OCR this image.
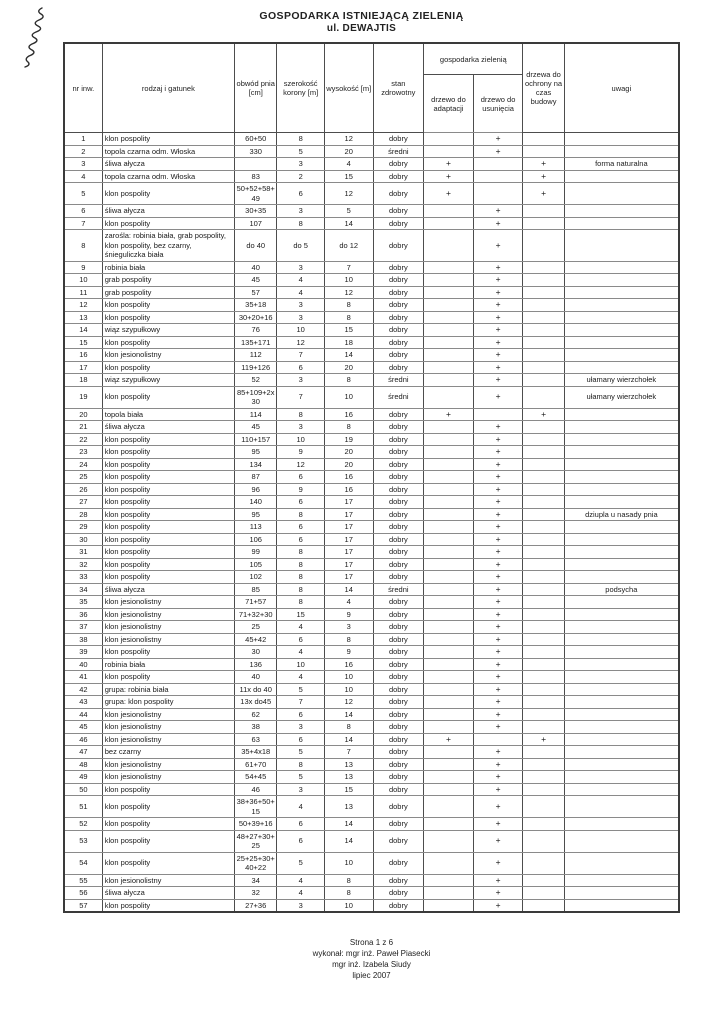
GOSPODARKA ISTNIEJĄCĄ ZIELENIĄ
ul. DEWAJTIS
nr inw.	rodzaj i gatunek	obwód pnia [cm]	szerokość korony [m]	wysokość [m]	stan zdrowotny	gospodarka zielenią		drzewa do ochrony na czas budowy	uwagi
						drzewo do adaptacji	drzewo do usunięcia		
1	klon pospolity	60+50	8	12	dobry		+		
2	topola czarna odm. Włoska	330	5	20	średni		+		
3	śliwa ałycza		3	4	dobry	+		+	forma naturalna
4	topola czarna odm. Włoska	83	2	15	dobry	+		+	
5	klon pospolity	50+52+58+49	6	12	dobry	+		+	
6	śliwa ałycza	30+35	3	5	dobry		+		
7	klon pospolity	107	8	14	dobry		+		
8	zarośla: robinia biała, grab pospolity, klon pospolity, bez czarny, śnieguliczka biała	do 40	do 5	do 12	dobry		+		
9	robinia biała	40	3	7	dobry		+		
10	grab pospolity	45	4	10	dobry		+		
11	grab pospolity	57	4	12	dobry		+		
12	klon pospolity	35+18	3	8	dobry		+		
13	klon pospolity	30+20+16	3	8	dobry		+		
14	wiąz szypułkowy	76	10	15	dobry		+		
15	klon pospolity	135+171	12	18	dobry		+		
16	klon jesionolistny	112	7	14	dobry		+		
17	klon pospolity	119+126	6	20	dobry		+		
18	wiąz szypułkowy	52	3	8	średni		+		ułamany wierzchołek
19	klon pospolity	85+109+2x 30	7	10	średni		+		ułamany wierzchołek
20	topola biała	114	8	16	dobry	+		+	
21	śliwa ałycza	45	3	8	dobry		+		
22	klon pospolity	110+157	10	19	dobry		+		
23	klon pospolity	95	9	20	dobry		+		
24	klon pospolity	134	12	20	dobry		+		
25	klon pospolity	87	6	16	dobry		+		
26	klon pospolity	96	9	16	dobry		+		
27	klon pospolity	140	6	17	dobry		+		
28	klon pospolity	95	8	17	dobry		+		dziupla u nasady pnia
29	klon pospolity	113	6	17	dobry		+		
30	klon pospolity	106	6	17	dobry		+		
31	klon pospolity	99	8	17	dobry		+		
32	klon pospolity	105	8	17	dobry		+		
33	klon pospolity	102	8	17	dobry		+		
34	śliwa ałycza	85	8	14	średni		+		podsycha
35	klon jesionolistny	71+57	8	4	dobry		+		
36	klon jesionolistny	71+32+30	15	9	dobry		+		
37	klon jesionolistny	25	4	3	dobry		+		
38	klon jesionolistny	45+42	6	8	dobry		+		
39	klon pospolity	30	4	9	dobry		+		
40	robinia biała	136	10	16	dobry		+		
41	klon pospolity	40	4	10	dobry		+		
42	grupa: robinia biała	11x do 40	5	10	dobry		+		
43	grupa: klon pospolity	13x do45	7	12	dobry		+		
44	klon jesionolistny	62	6	14	dobry		+		
45	klon jesionolistny	38	3	8	dobry		+		
46	klon jesionolistny	63	6	14	dobry	+		+	
47	bez czarny	35+4x18	5	7	dobry		+		
48	klon jesionolistny	61+70	8	13	dobry		+		
49	klon jesionolistny	54+45	5	13	dobry		+		
50	klon pospolity	46	3	15	dobry		+		
51	klon pospolity	38+36+50+15	4	13	dobry		+		
52	klon pospolity	50+39+16	6	14	dobry		+		
53	klon pospolity	48+27+30+25	6	14	dobry		+		
54	klon pospolity	25+25+30+40+22	5	10	dobry		+		
55	klon jesionolistny	34	4	8	dobry		+		
56	śliwa ałycza	32	4	8	dobry		+		
57	klon pospolity	27+36	3	10	dobry		+		
Strona 1 z 6
wykonał: mgr inż. Paweł Piasecki
mgr inż. Izabela Siudy
lipiec 2007
